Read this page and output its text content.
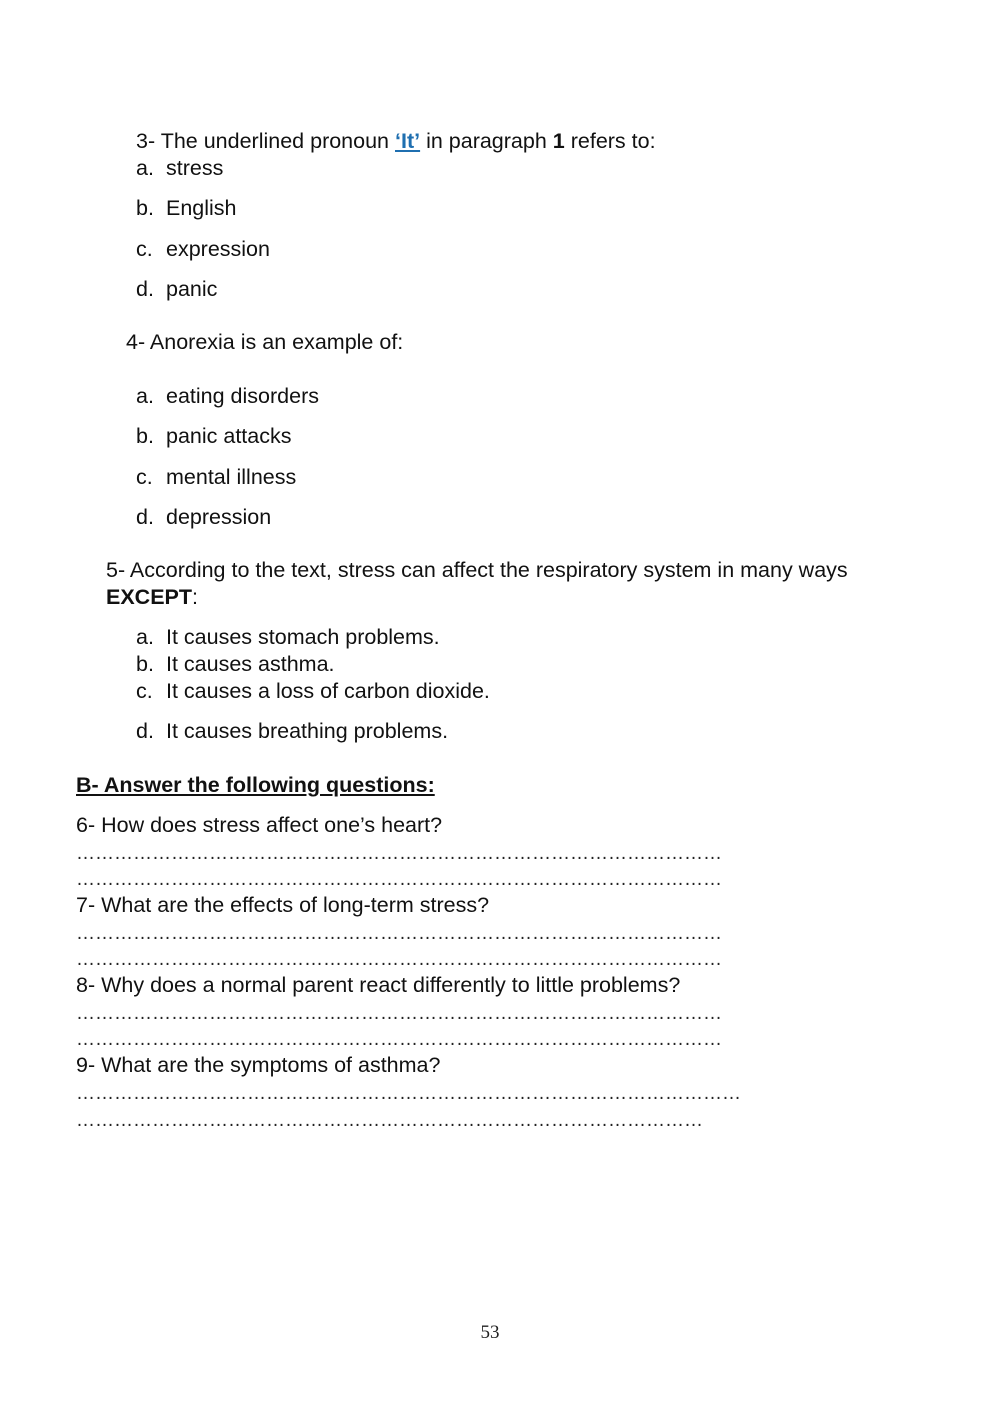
3- The underlined pronoun ‘It’ in paragraph 1 refers to:
a. stress
b. English
c. expression
d. panic
4- Anorexia is an example of:
a. eating disorders
b. panic attacks
c. mental illness
d. depression
5- According to the text, stress can affect the respiratory system in many ways
EXCEPT:
a. It causes stomach problems.
b. It causes asthma.
c. It causes a loss of carbon dioxide.
d. It causes breathing problems.
B- Answer the following questions:
6- How does stress affect one’s heart?
…………………………………………………………………………………………
…………………………………………………………………………………………
7- What are the effects of long-term stress?
…………………………………………………………………………………………
…………………………………………………………………………………………
8- Why does a normal parent react differently to little problems?
…………………………………………………………………………………………
…………………………………………………………………………………………
9- What are the symptoms of asthma?
……………………………………………………………………………………………
………………………………………………………………………………………
53
